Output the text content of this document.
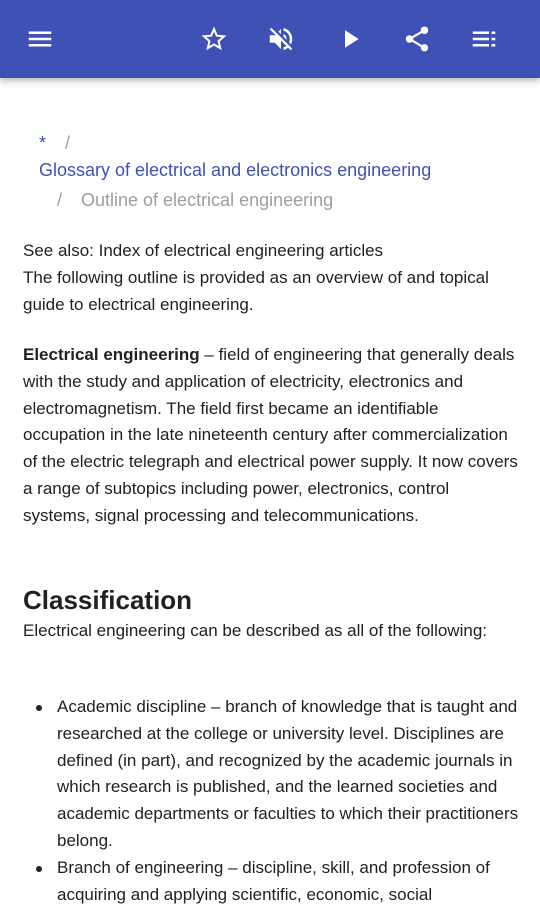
* /
Glossary of electrical and electronics engineering
/ Outline of electrical engineering
See also: Index of electrical engineering articles
The following outline is provided as an overview of and topical guide to electrical engineering.

Electrical engineering – field of engineering that generally deals with the study and application of electricity, electronics and electromagnetism. The field first became an identifiable occupation in the late nineteenth century after commercialization of the electric telegraph and electrical power supply. It now covers a range of subtopics including power, electronics, control systems, signal processing and telecommunications.

Classification

Electrical engineering can be described as all of the following:

Academic discipline – branch of knowledge that is taught and researched at the college or university level. Disciplines are defined (in part), and recognized by the academic journals in which research is published, and the learned societies and academic departments or faculties to which their practitioners belong.
Branch of engineering – discipline, skill, and profession of acquiring and applying scientific, economic, social
